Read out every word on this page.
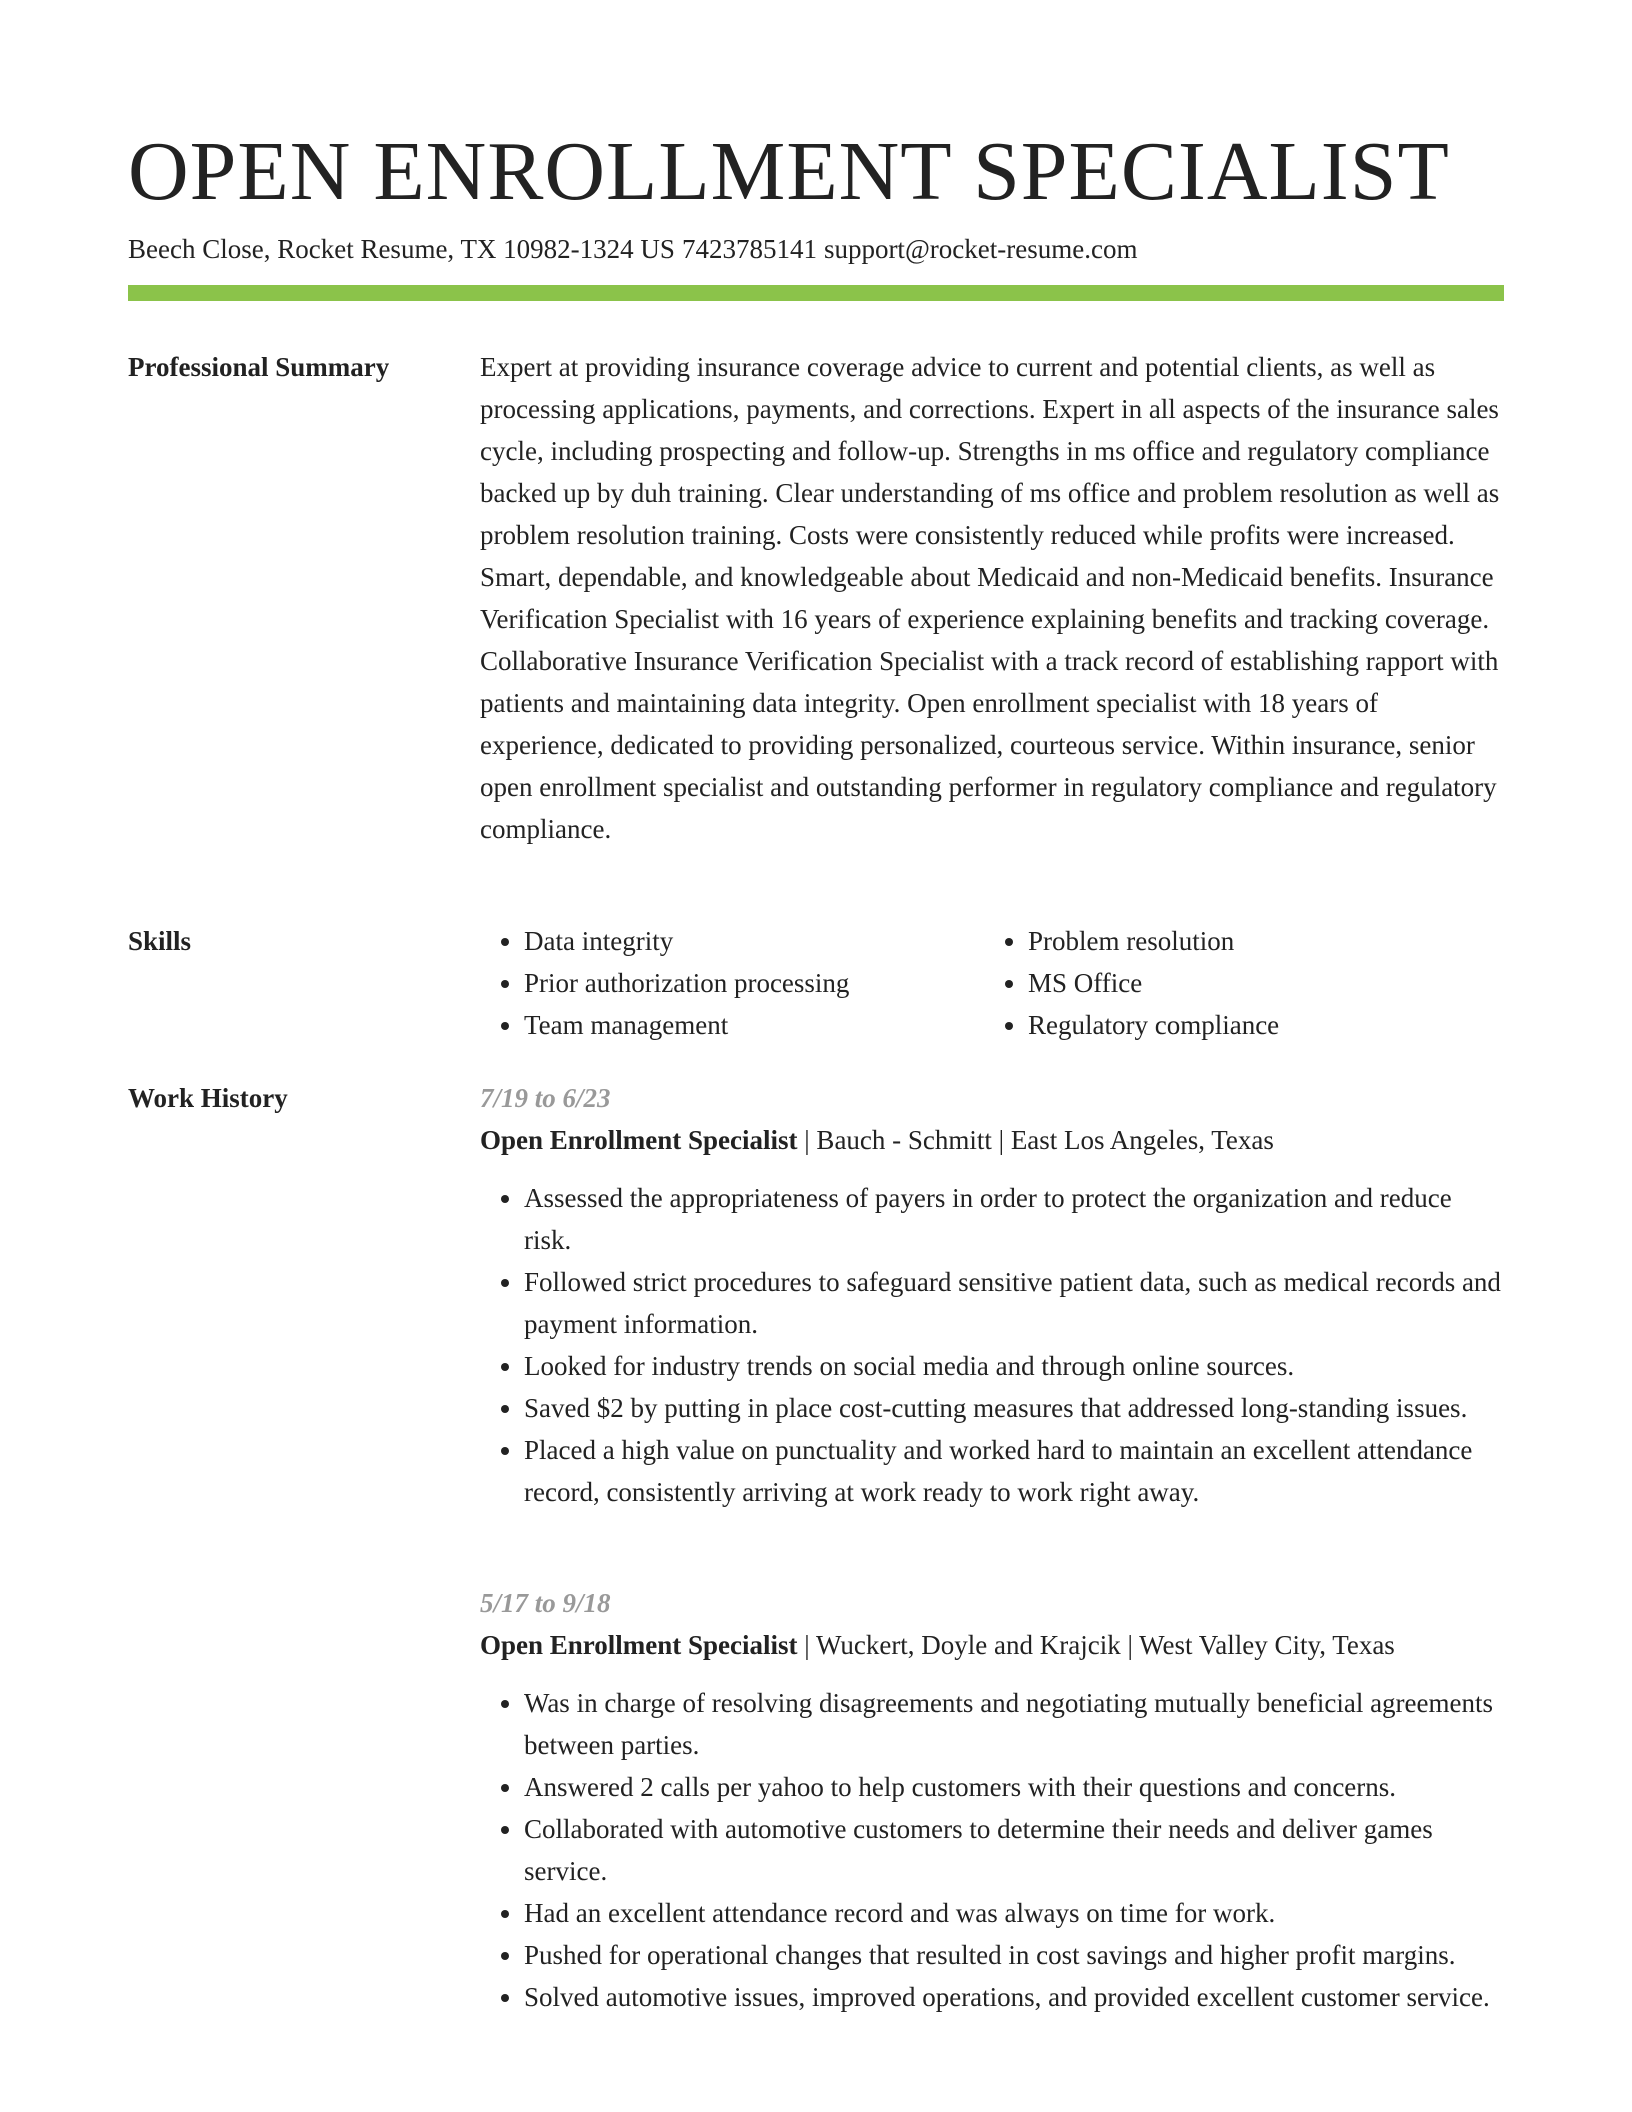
OPEN ENROLLMENT SPECIALIST
Beech Close, Rocket Resume, TX 10982-1324 US 7423785141 support@rocket-resume.com
Professional Summary	Expert at providing insurance coverage advice to current and potential clients, as well as processing applications, payments, and corrections. Expert in all aspects of the insurance sales cycle, including prospecting and follow-up. Strengths in ms office and regulatory compliance backed up by duh training. Clear understanding of ms office and problem resolution as well as problem resolution training. Costs were consistently reduced while profits were increased. Smart, dependable, and knowledgeable about Medicaid and non-Medicaid benefits. Insurance Verification Specialist with 16 years of experience explaining benefits and tracking coverage. Collaborative Insurance Verification Specialist with a track record of establishing rapport with patients and maintaining data integrity. Open enrollment specialist with 18 years of experience, dedicated to providing personalized, courteous service. Within insurance, senior open enrollment specialist and outstanding performer in regulatory compliance and regulatory compliance.

Skills
•	Data integrity
• Prior authorization processing
• Team management
• Problem resolution
• MS Office
• Regulatory compliance
Work History	7/19 to 6/23
Open Enrollment Specialist | Bauch - Schmitt | East Los Angeles, Texas
• Assessed the appropriateness of payers in order to protect the organization and reduce risk.
• Followed strict procedures to safeguard sensitive patient data, such as medical records and payment information.
• Looked for industry trends on social media and through online sources.
• Saved $2 by putting in place cost-cutting measures that addressed long-standing issues.
• Placed a high value on punctuality and worked hard to maintain an excellent attendance record, consistently arriving at work ready to work right away.
5/17 to 9/18
Open Enrollment Specialist | Wuckert, Doyle and Krajcik | West Valley City, Texas
• Was in charge of resolving disagreements and negotiating mutually beneficial agreements between parties.
• Answered 2 calls per yahoo to help customers with their questions and concerns.
• Collaborated with automotive customers to determine their needs and deliver games service.
• Had an excellent attendance record and was always on time for work.
• Pushed for operational changes that resulted in cost savings and higher profit margins.
• Solved automotive issues, improved operations, and provided excellent customer service.
